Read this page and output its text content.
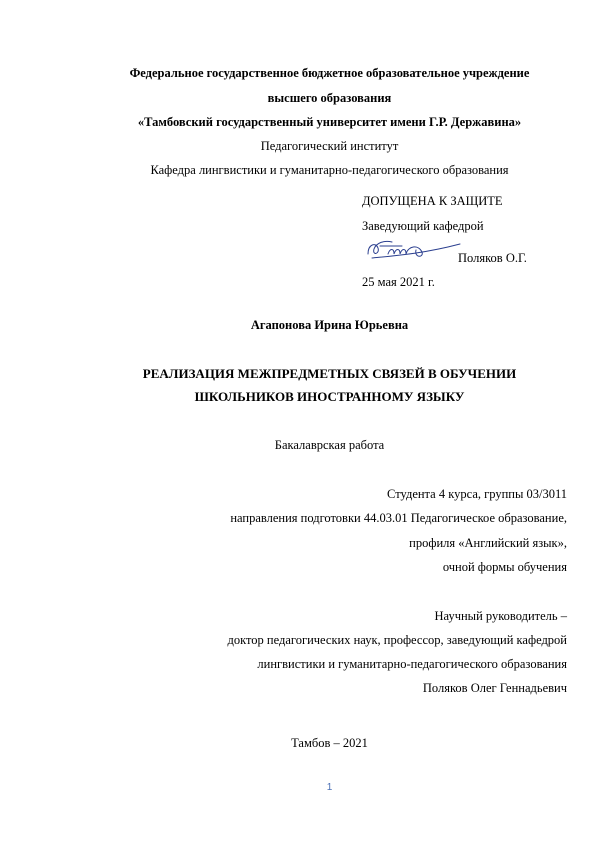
Федеральное государственное бюджетное образовательное учреждение
высшего образования
«Тамбовский государственный университет имени Г.Р. Державина»
Педагогический институт
Кафедра лингвистики и гуманитарно-педагогического образования
ДОПУЩЕНА К ЗАЩИТЕ
Заведующий кафедрой
Поляков О.Г.
25 мая 2021 г.
Агапонова Ирина Юрьевна
РЕАЛИЗАЦИЯ МЕЖПРЕДМЕТНЫХ СВЯЗЕЙ В ОБУЧЕНИИ
ШКОЛЬНИКОВ ИНОСТРАННОМУ ЯЗЫКУ
Бакалаврская работа
Студента 4 курса, группы 03/3011
направления подготовки 44.03.01 Педагогическое образование,
профиля «Английский язык»,
очной формы обучения
Научный руководитель –
доктор педагогических наук, профессор, заведующий кафедрой
лингвистики и гуманитарно-педагогического образования
Поляков Олег Геннадьевич
Тамбов – 2021
1
